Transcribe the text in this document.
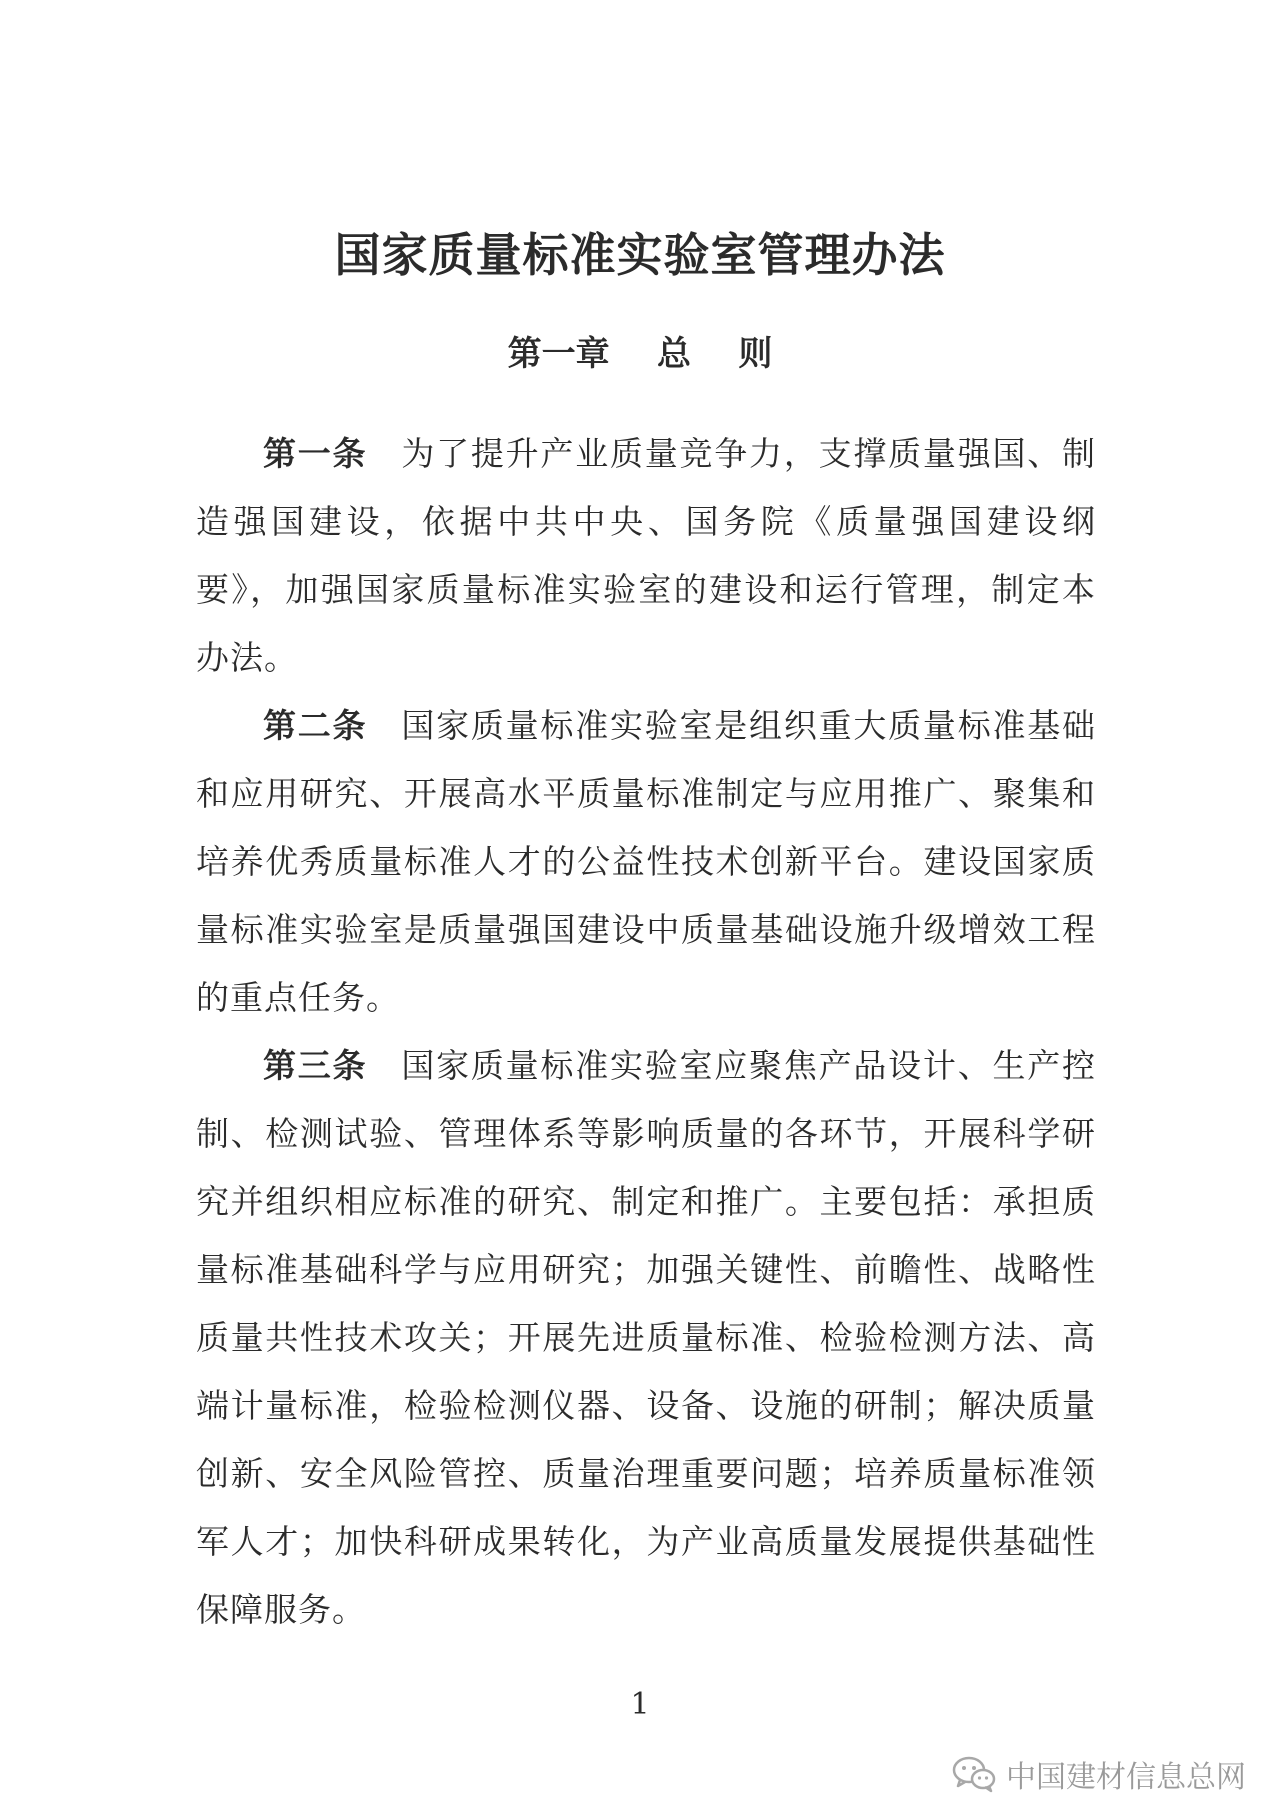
国家质量标准实验室管理办法
第一章    总    则

第一条 为了提升产业质量竞争力，支撑质量强国、制造强国建设，依据中共中央、国务院《质量强国建设纲要》，加强国家质量标准实验室的建设和运行管理，制定本办法。

第二条 国家质量标准实验室是组织重大质量标准基础和应用研究、开展高水平质量标准制定与应用推广、聚集和培养优秀质量标准人才的公益性技术创新平台。建设国家质量标准实验室是质量强国建设中质量基础设施升级增效工程的重点任务。

第三条 国家质量标准实验室应聚焦产品设计、生产控制、检测试验、管理体系等影响质量的各环节，开展科学研究并组织相应标准的研究、制定和推广。主要包括：承担质量标准基础科学与应用研究；加强关键性、前瞻性、战略性质量共性技术攻关；开展先进质量标准、检验检测方法、高端计量标准，检验检测仪器、设备、设施的研制；解决质量创新、安全风险管控、质量治理重要问题；培养质量标准领军人才；加快科研成果转化，为产业高质量发展提供基础性保障服务。

1
中国建材信息总网
